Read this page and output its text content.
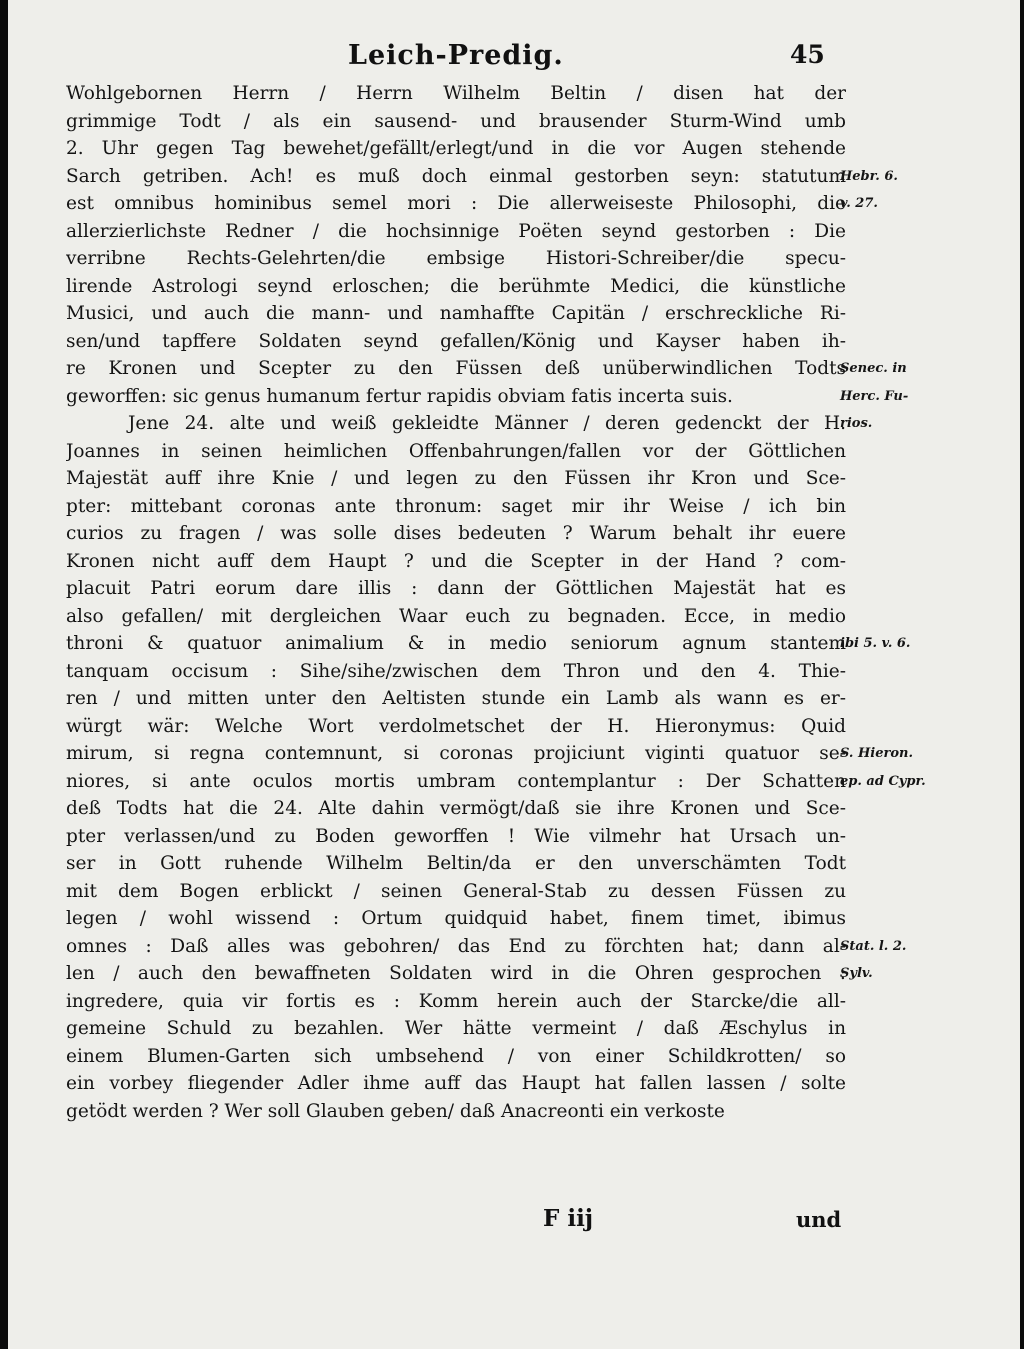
Leich-Predig.	45
Wohlgebornen Herrn / Herrn Wilhelm Beltin / disen hat der
grimmige Todt / als ein sausend- und brausender Sturm-Wind umb
2. Uhr gegen Tag bewehet/gefällt/erlegt/und in die vor Augen stehende
Sarch getriben. Ach! es muß doch einmal gestorben seyn: statutum
est omnibus hominibus semel mori : Die allerweiseste Philosophi, die
allerzierlichste Redner / die hochsinnige Poëten seynd gestorben : Die
verribne Rechts-Gelehrten/die embsige Histori-Schreiber/die specu-
lirende Astrologi seynd erloschen; die berühmte Medici, die künstliche
Musici, und auch die mann- und namhaffte Capitän / erschreckliche Ri-
sen/und tapffere Soldaten seynd gefallen/König und Kayser haben ih-
re Kronen und Scepter zu den Füssen deß unüberwindlichen Todts
geworffen: sic genus humanum fertur rapidis obviam fatis incerta suis.
Jene 24. alte und weiß gekleidte Männer / deren gedenckt der H.
Joannes in seinen heimlichen Offenbahrungen/fallen vor der Göttlichen
Majestät auff ihre Knie / und legen zu den Füssen ihr Kron und Sce-
pter: mittebant coronas ante thronum: saget mir ihr Weise / ich bin
curios zu fragen / was solle dises bedeuten ? Warum behalt ihr euere
Kronen nicht auff dem Haupt ? und die Scepter in der Hand ? com-
placuit Patri eorum dare illis : dann der Göttlichen Majestät hat es
also gefallen/ mit dergleichen Waar euch zu begnaden. Ecce, in medio
throni & quatuor animalium & in medio seniorum agnum stantem
tanquam occisum : Sihe/sihe/zwischen dem Thron und den 4. Thie-
ren / und mitten unter den Aeltisten stunde ein Lamb als wann es er-
würgt wär: Welche Wort verdolmetschet der H. Hieronymus: Quid
mirum, si regna contemnunt, si coronas projiciunt viginti quatuor se-
niores, si ante oculos mortis umbram contemplantur : Der Schatten
deß Todts hat die 24. Alte dahin vermögt/daß sie ihre Kronen und Sce-
pter verlassen/und zu Boden geworffen ! Wie vilmehr hat Ursach un-
ser in Gott ruhende Wilhelm Beltin/da er den unverschämten Todt
mit dem Bogen erblickt / seinen General-Stab zu dessen Füssen zu
legen / wohl wissend : Ortum quidquid habet, finem timet, ibimus
omnes : Daß alles was gebohren/ das End zu förchten hat; dann al-
len / auch den bewaffneten Soldaten wird in die Ohren gesprochen :
ingredere, quia vir fortis es : Komm herein auch der Starcke/die all-
gemeine Schuld zu bezahlen. Wer hätte vermeint / daß Æschylus in
einem Blumen-Garten sich umbsehend / von einer Schildkrotten/ so
ein vorbey fliegender Adler ihme auff das Haupt hat fallen lassen / solte
getödt werden ? Wer soll Glauben geben/ daß Anacreonti ein verkoste
Hebr. 6.
v. 27.
Senec. in
Herc. Fu-
rios.
ibi 5. v. 6.
S. Hieron.
ep. ad Cypr.
Stat. l. 2.
Sylv.
F iij	und
